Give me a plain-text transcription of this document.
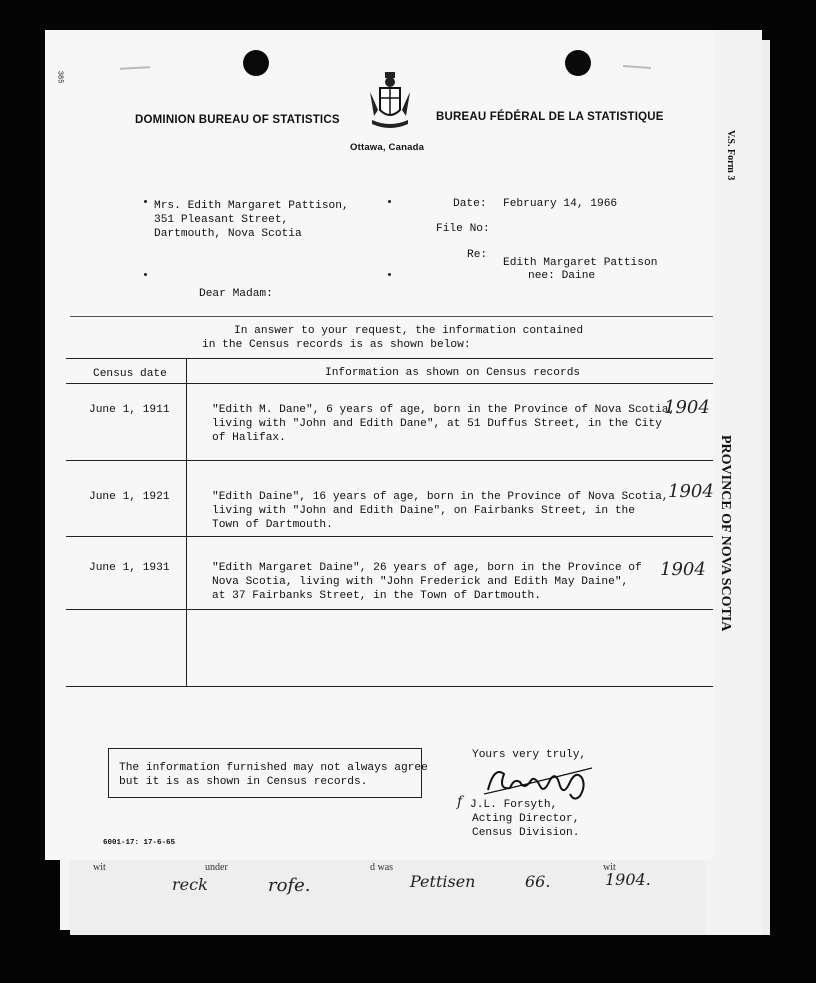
V.S. Form 3
PROVINCE OF NOVA SCOTIA
under	d was
wit	wit
reck	rofe.	Pettisen	66.	1904.
385
DOMINION BUREAU OF STATISTICS	BUREAU FÉDÉRAL DE LA STATISTIQUE
Ottawa, Canada
Mrs. Edith Margaret Pattison,
351 Pleasant Street,
Dartmouth, Nova Scotia
Date: February 14, 1966
File No:
Re:
Edith Margaret Pattison
nee: Daine
Dear Madam:
In answer to your request, the information contained
in the Census records is as shown below:
Census date	Information as shown on Census records
June 1, 1911	"Edith M. Dane", 6 years of age, born in the Province of Nova Scotia,
living with "John and Edith Dane", at 51 Duffus Street, in the City
of Halifax.
1904
June 1, 1921	"Edith Daine", 16 years of age, born in the Province of Nova Scotia,
living with "John and Edith Daine", on Fairbanks Street, in the
Town of Dartmouth.
1904
June 1, 1931	"Edith Margaret Daine", 26 years of age, born in the Province of
Nova Scotia, living with "John Frederick and Edith May Daine",
at 37 Fairbanks Street, in the Town of Dartmouth.
1904
The information furnished may not always agree
but it is as shown in Census records.
Yours very truly,
J.L. Forsyth,
f
Acting Director,
Census Division.
6001-17: 17-6-65
